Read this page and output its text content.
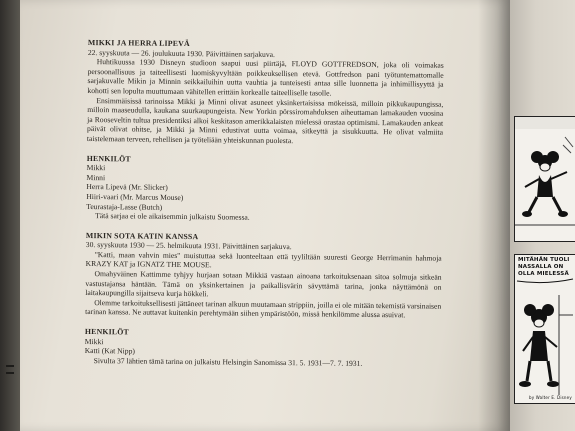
MITÄHÄN TUOLI
NASSALLA ON
OLLA MIELESSÄ
by Walter E. Disney
MIKKI JA HERRA LIPEVÄ

22. syyskuuta — 26. joulukuuta 1930. Päivittäinen sarjakuva.

Huhtikuussa 1930 Disneyn studioon saapui uusi piirtäjä, FLOYD GOTTFREDSON, joka oli voimakas persoonallisuus ja taiteellisesti luomiskyvyltään poikkeuksellisen etevä. Gottfredson pani työtuntemattomalle sarjakuvalle Mikin ja Minnin seikkailuihin uutta vauhtia ja tunteisesti antaa sille luonnetta ja inhimillisyyttä ja kohotti sen lopulta muuttumaan vähitellen erittäin korkealle taiteelliselle tasolle.

Ensimmäisissä tarinoissa Mikki ja Minni olivat asuneet yksinkertaisissa mökeissä, milloin pikkukaupungissa, milloin maaseudulla, kaukana suurkaupungeista. New Yorkin pörssiromahduksen aiheuttaman lamakauden vuosina ja Rooseveltin tultua presidentiksi alkoi keskitason amerikkalaisten mielessä orastaa optimismi. Lamakauden ankeat päivät olivat ohitse, ja Mikki ja Minni edustivat uutta voimaa, sitkeyttä ja sisukkuutta. He olivat valmiita taistelemaan terveen, rehellisen ja työteliään yhteiskunnan puolesta.

HENKILÖT

Mikki

Minni

Herra Lipevä (Mr. Slicker)

Hiiri-vaari (Mr. Marcus Mouse)

Teurastaja-Lasse (Butch)

Tätä sarjaa ei ole aikaisemmin julkaistu Suomessa.

MIKIN SOTA KATIN KANSSA

30. syyskuuta 1930 — 25. helmikuuta 1931. Päivittäinen sarjakuva.

"Katti, maan vahvin mies" muistuttaa sekä luonteeltaan että tyyliltään suuresti George Herrimanin hahmoja KRAZY KAT ja IGNATZ THE MOUSE.

Omahyväinen Kattimme tyhjyy hurjaan sotaan Mikkiä vastaan ainoana tarkoituksenaan sitoa solmuja sitkeän vastustajansa häntään. Tämä on yksinkertainen ja paikallisvärin sävyttämä tarina, jonka näyttämönä on laitakaupungilla sijaitseva kurja hökkeli.

Olemme tarkoituksellisesti jättäneet tarinan alkuun muutamaan strippiin, joilla ei ole mitään tekemistä varsinaisen tarinan kanssa. Ne auttavat kuitenkin perehtymään siihen ympäristöön, missä henkilömme alussa asuivat.

HENKILÖT

Mikki

Katti (Kat Nipp)

Sivulta 37 lähtien tämä tarina on julkaistu Helsingin Sanomissa 31. 5. 1931—7. 7. 1931.
